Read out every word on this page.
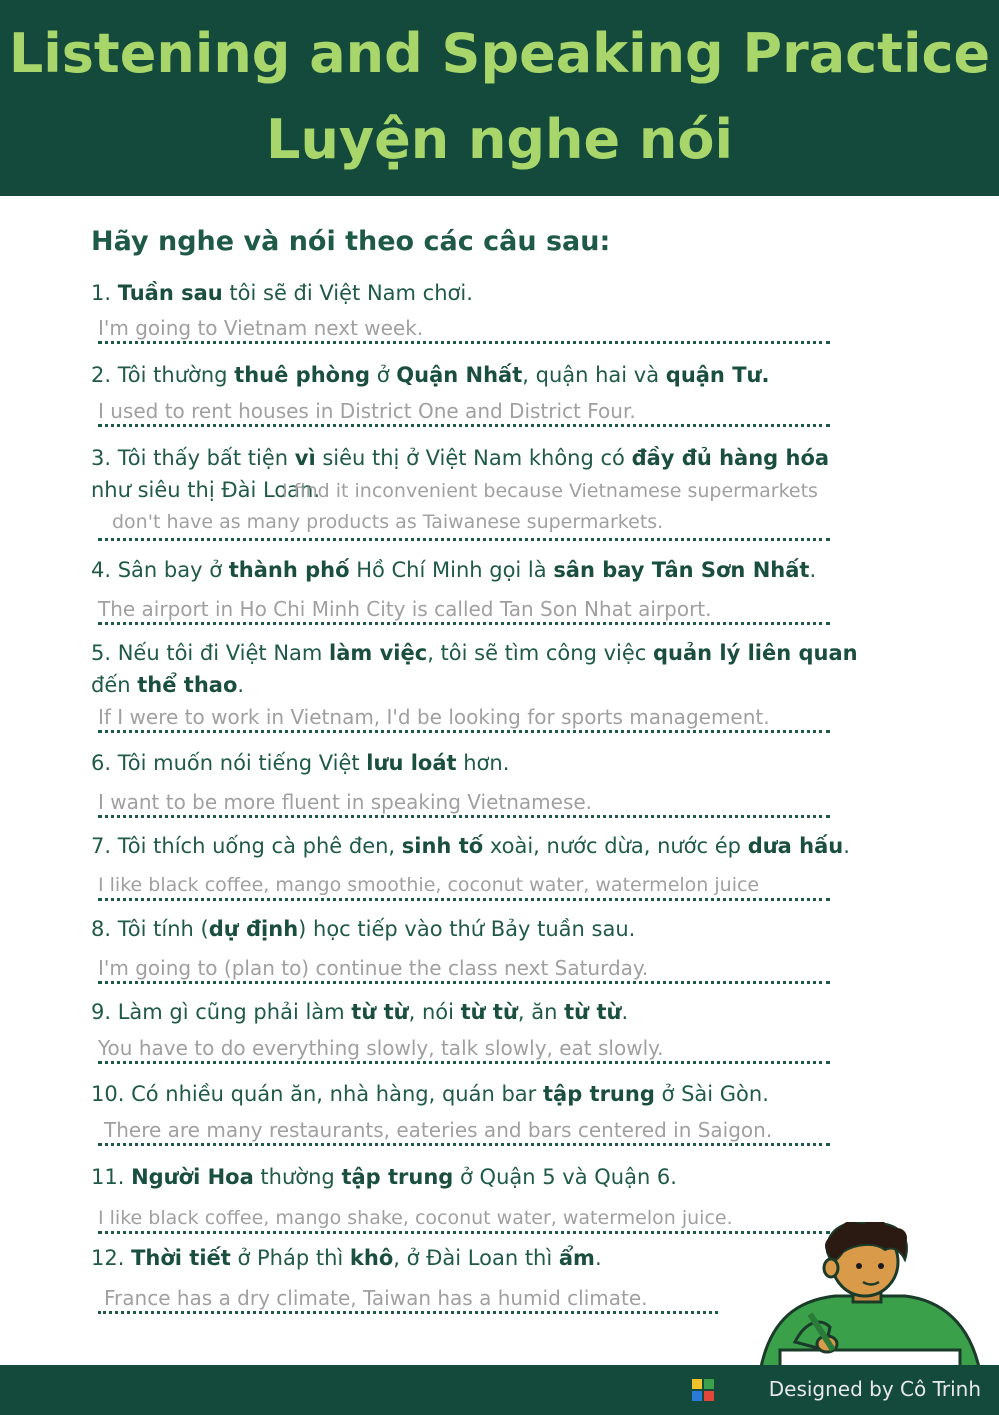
Listening and Speaking Practice
Luyện nghe nói
Hãy nghe và nói theo các câu sau:
1. Tuần sau tôi sẽ đi Việt Nam chơi.
I'm going to Vietnam next week.
2. Tôi thường thuê phòng ở Quận Nhất, quận hai và quận Tư.
I used to rent houses in District One and District Four.
3. Tôi thấy bất tiện vì siêu thị ở Việt Nam không có đầy đủ hàng hóa như siêu thị Đài Loan.
I find it inconvenient because Vietnamese supermarkets don't have as many products as Taiwanese supermarkets.
4. Sân bay ở thành phố Hồ Chí Minh gọi là sân bay Tân Sơn Nhất.
The airport in Ho Chi Minh City is called Tan Son Nhat airport.
5. Nếu tôi đi Việt Nam làm việc, tôi sẽ tìm công việc quản lý liên quan đến thể thao.
If I were to work in Vietnam, I'd be looking for sports management.
6. Tôi muốn nói tiếng Việt lưu loát hơn.
I want to be more fluent in speaking Vietnamese.
7. Tôi thích uống cà phê đen, sinh tố xoài, nước dừa, nước ép dưa hấu.
I like black coffee, mango smoothie, coconut water, watermelon juice
8. Tôi tính (dự định) học tiếp vào thứ Bảy tuần sau.
I'm going to (plan to) continue the class next Saturday.
9. Làm gì cũng phải làm từ từ, nói từ từ, ăn từ từ.
You have to do everything slowly, talk slowly, eat slowly.
10. Có nhiều quán ăn, nhà hàng, quán bar tập trung ở Sài Gòn.
There are many restaurants, eateries and bars centered in Saigon.
11. Người Hoa thường tập trung ở Quận 5 và Quận 6.
I like black coffee, mango shake, coconut water, watermelon juice.
12. Thời tiết ở Pháp thì khô, ở Đài Loan thì ẩm.
France has a dry climate, Taiwan has a humid climate.
Designed by Cô Trinh
